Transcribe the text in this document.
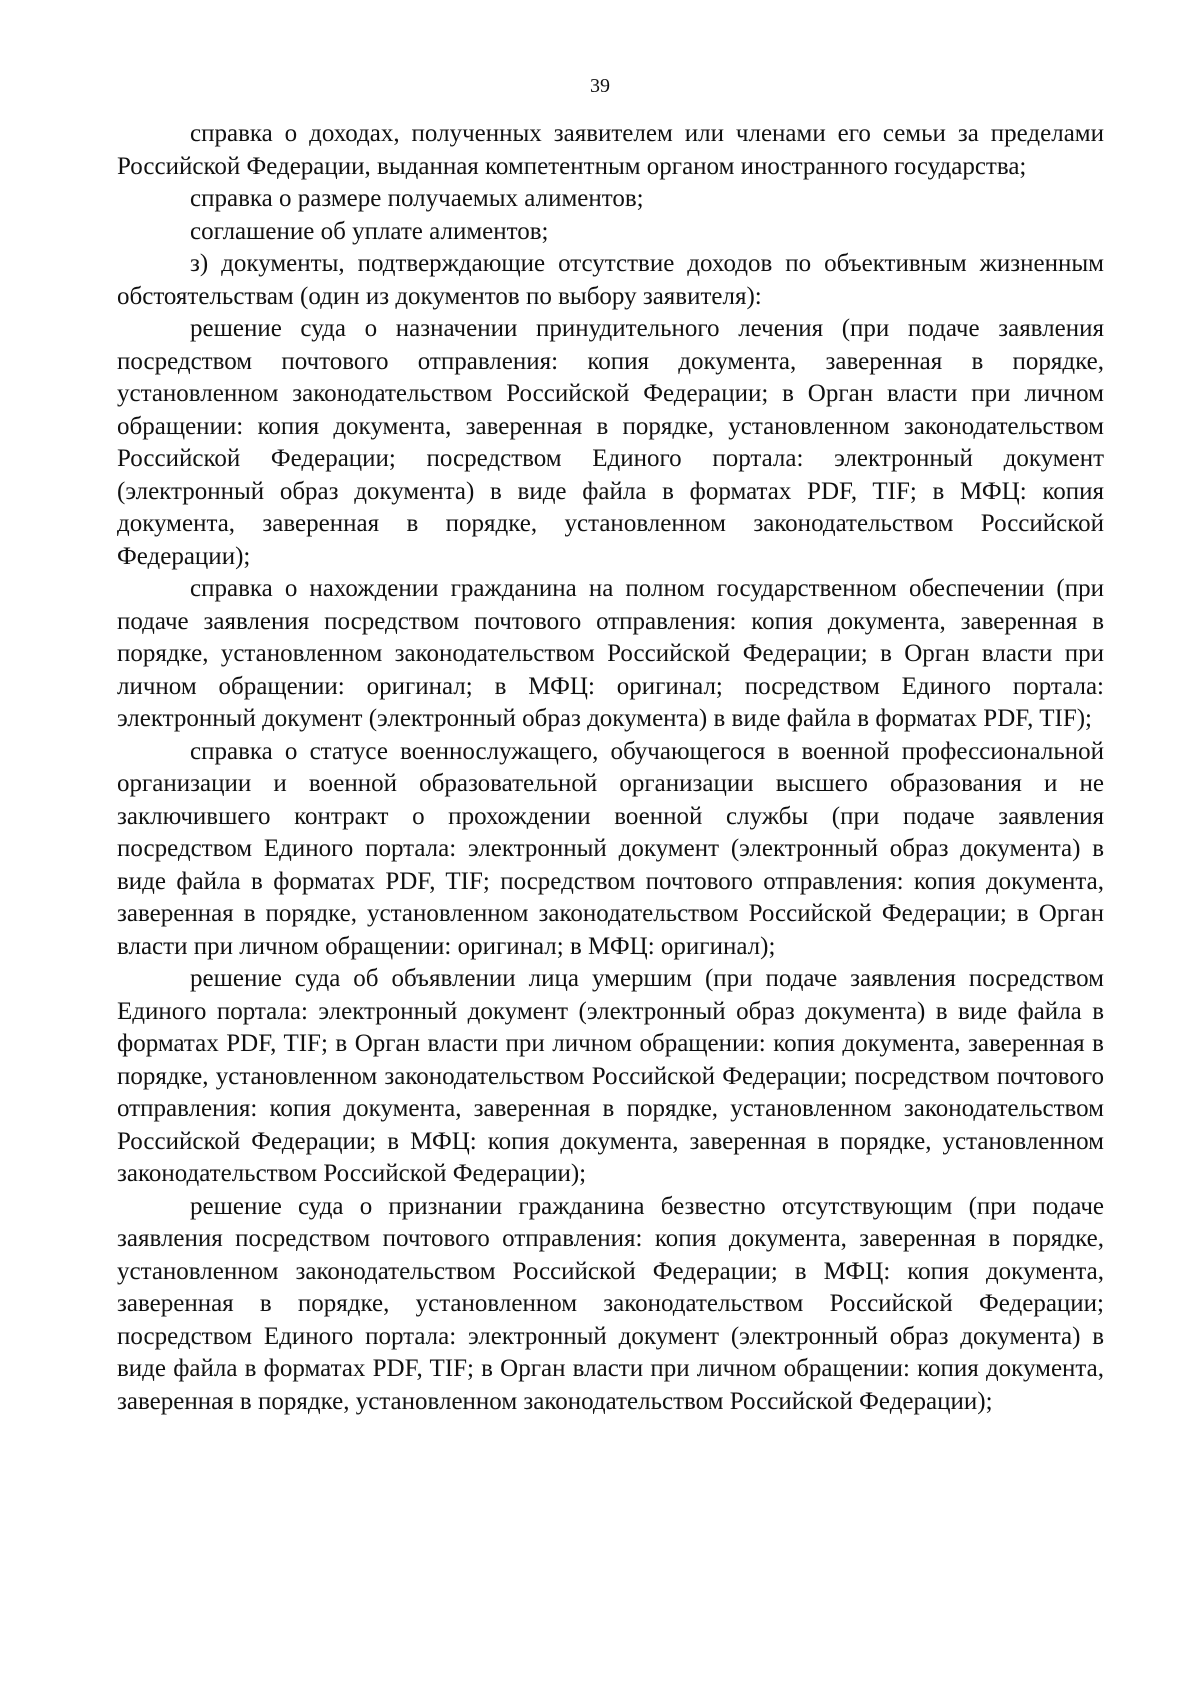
39

справка о доходах, полученных заявителем или членами его семьи за пределами Российской Федерации, выданная компетентным органом иностранного государства;

справка о размере получаемых алиментов;

соглашение об уплате алиментов;

з) документы, подтверждающие отсутствие доходов по объективным жизненным обстоятельствам (один из документов по выбору заявителя):

решение суда о назначении принудительного лечения (при подаче заявления посредством почтового отправления: копия документа, заверенная в порядке, установленном законодательством Российской Федерации; в Орган власти при личном обращении: копия документа, заверенная в порядке, установленном законодательством Российской Федерации; посредством Единого портала: электронный документ (электронный образ документа) в виде файла в форматах PDF, TIF; в МФЦ: копия документа, заверенная в порядке, установленном законодательством Российской Федерации);

справка о нахождении гражданина на полном государственном обеспечении (при подаче заявления посредством почтового отправления: копия документа, заверенная в порядке, установленном законодательством Российской Федерации; в Орган власти при личном обращении: оригинал; в МФЦ: оригинал; посредством Единого портала: электронный документ (электронный образ документа) в виде файла в форматах PDF, TIF);

справка о статусе военнослужащего, обучающегося в военной профессиональной организации и военной образовательной организации высшего образования и не заключившего контракт о прохождении военной службы (при подаче заявления посредством Единого портала: электронный документ (электронный образ документа) в виде файла в форматах PDF, TIF; посредством почтового отправления: копия документа, заверенная в порядке, установленном законодательством Российской Федерации; в Орган власти при личном обращении: оригинал; в МФЦ: оригинал);

решение суда об объявлении лица умершим (при подаче заявления посредством Единого портала: электронный документ (электронный образ документа) в виде файла в форматах PDF, TIF; в Орган власти при личном обращении: копия документа, заверенная в порядке, установленном законодательством Российской Федерации; посредством почтового отправления: копия документа, заверенная в порядке, установленном законодательством Российской Федерации; в МФЦ: копия документа, заверенная в порядке, установленном законодательством Российской Федерации);

решение суда о признании гражданина безвестно отсутствующим (при подаче заявления посредством почтового отправления: копия документа, заверенная в порядке, установленном законодательством Российской Федерации; в МФЦ: копия документа, заверенная в порядке, установленном законодательством Российской Федерации; посредством Единого портала: электронный документ (электронный образ документа) в виде файла в форматах PDF, TIF; в Орган власти при личном обращении: копия документа, заверенная в порядке, установленном законодательством Российской Федерации);
